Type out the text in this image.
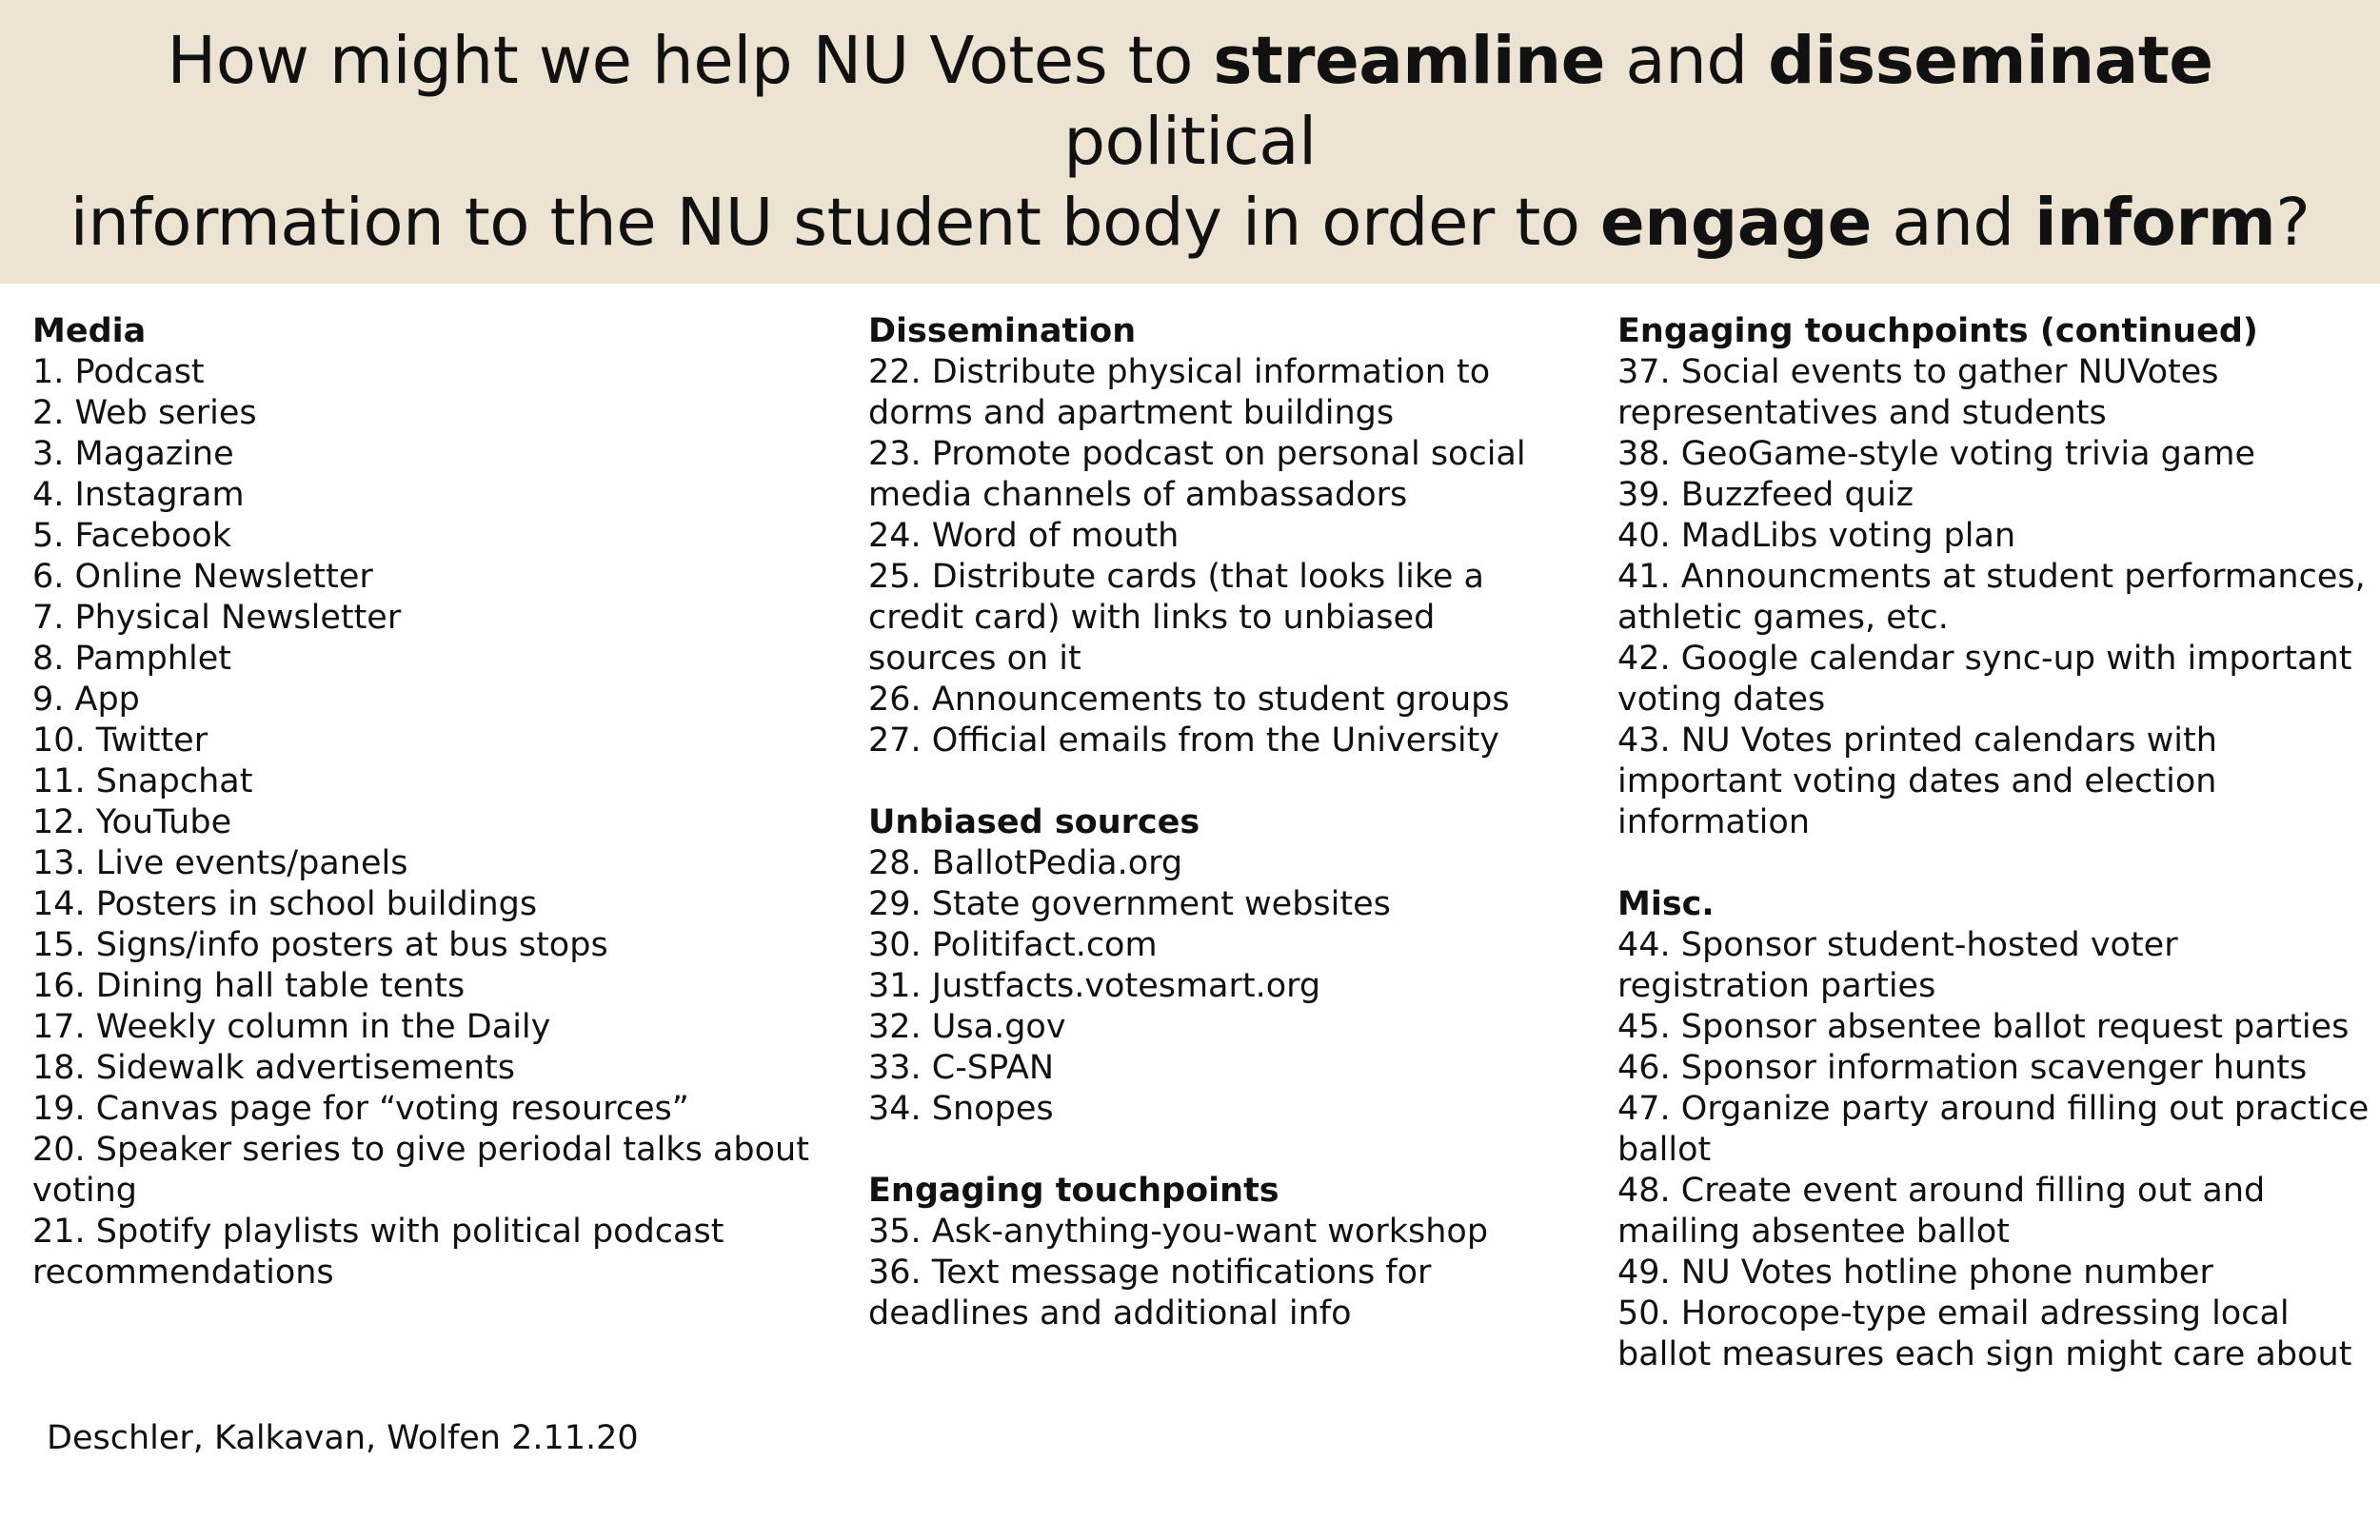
How might we help NU Votes to streamline and disseminate political
information to the NU student body in order to engage and inform?
Media
1. Podcast
2. Web series
3. Magazine
4. Instagram
5. Facebook
6. Online Newsletter
7. Physical Newsletter
8. Pamphlet
9. App
10. Twitter
11. Snapchat
12. YouTube
13. Live events/panels
14. Posters in school buildings
15. Signs/info posters at bus stops
16. Dining hall table tents
17. Weekly column in the Daily
18. Sidewalk advertisements
19. Canvas page for “voting resources”
20. Speaker series to give periodal talks about voting
21. Spotify playlists with political podcast recommendations
Dissemination
22. Distribute physical information to dorms and apartment buildings
23. Promote podcast on personal social media channels of ambassadors
24. Word of mouth
25. Distribute cards (that looks like a credit card) with links to unbiased sources on it
26. Announcements to student groups
27. Official emails from the University
Unbiased sources
28. BallotPedia.org
29. State government websites
30. Politifact.com
31. Justfacts.votesmart.org
32. Usa.gov
33. C-SPAN
34. Snopes
Engaging touchpoints
35. Ask-anything-you-want workshop
36. Text message notifications for deadlines and additional info
Engaging touchpoints (continued)
37. Social events to gather NUVotes representatives and students
38. GeoGame-style voting trivia game
39. Buzzfeed quiz
40. MadLibs voting plan
41. Announcments at student performances, athletic games, etc.
42. Google calendar sync-up with important voting dates
43. NU Votes printed calendars with important voting dates and election information
Misc.
44. Sponsor student-hosted voter registration parties
45. Sponsor absentee ballot request parties
46. Sponsor information scavenger hunts
47. Organize party around filling out practice ballot
48. Create event around filling out and mailing absentee ballot
49. NU Votes hotline phone number
50. Horocope-type email adressing local ballot measures each sign might care about
Deschler, Kalkavan, Wolfen 2.11.20
